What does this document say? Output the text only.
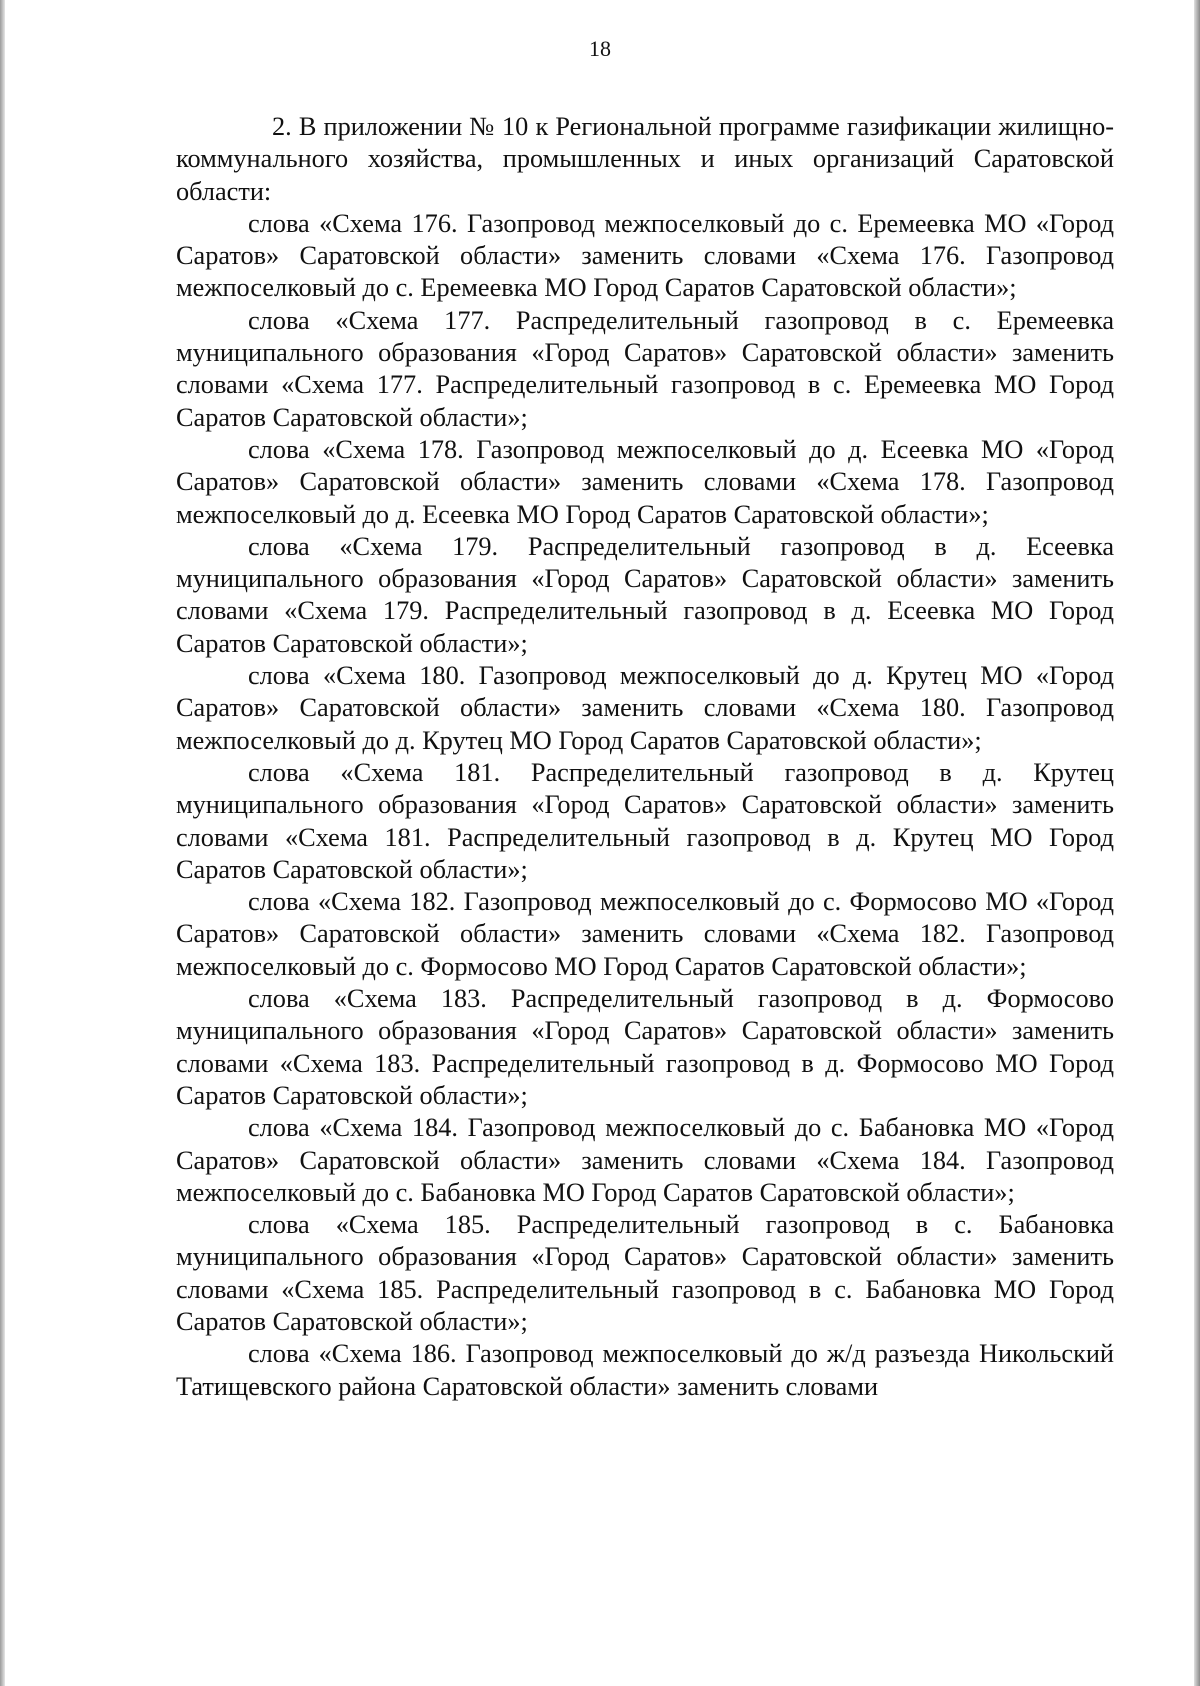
18

2. В приложении № 10 к Региональной программе газификации жилищно-коммунального хозяйства, промышленных и иных организаций Саратовской области:

слова «Схема 176. Газопровод межпоселковый до с. Еремеевка МО «Город Саратов» Саратовской области» заменить словами «Схема 176. Газопровод межпоселковый до с. Еремеевка МО Город Саратов Саратовской области»;

слова «Схема 177. Распределительный газопровод в с. Еремеевка муниципального образования «Город Саратов» Саратовской области» заменить словами «Схема 177. Распределительный газопровод в с. Еремеевка МО Город Саратов Саратовской области»;

слова «Схема 178. Газопровод межпоселковый до д. Есеевка МО «Город Саратов» Саратовской области» заменить словами «Схема 178. Газопровод межпоселковый до д. Есеевка МО Город Саратов Саратовской области»;

слова «Схема 179. Распределительный газопровод в д. Есеевка муниципального образования «Город Саратов» Саратовской области» заменить словами «Схема 179. Распределительный газопровод в д. Есеевка МО Город Саратов Саратовской области»;

слова «Схема 180. Газопровод межпоселковый до д. Крутец МО «Город Саратов» Саратовской области» заменить словами «Схема 180. Газопровод межпоселковый до д. Крутец МО Город Саратов Саратовской области»;

слова «Схема 181. Распределительный газопровод в д. Крутец муниципального образования «Город Саратов» Саратовской области» заменить словами «Схема 181. Распределительный газопровод в д. Крутец МО Город Саратов Саратовской области»;

слова «Схема 182. Газопровод межпоселковый до с. Формосово МО «Город Саратов» Саратовской области» заменить словами «Схема 182. Газопровод межпоселковый до с. Формосово МО Город Саратов Саратовской области»;

слова «Схема 183. Распределительный газопровод в д. Формосово муниципального образования «Город Саратов» Саратовской области» заменить словами «Схема 183. Распределительный газопровод в д. Формосово МО Город Саратов Саратовской области»;

слова «Схема 184. Газопровод межпоселковый до с. Бабановка МО «Город Саратов» Саратовской области» заменить словами «Схема 184. Газопровод межпоселковый до с. Бабановка МО Город Саратов Саратовской области»;

слова «Схема 185. Распределительный газопровод в с. Бабановка муниципального образования «Город Саратов» Саратовской области» заменить словами «Схема 185. Распределительный газопровод в с. Бабановка МО Город Саратов Саратовской области»;

слова «Схема 186. Газопровод межпоселковый до ж/д разъезда Никольский Татищевского района Саратовской области» заменить словами
